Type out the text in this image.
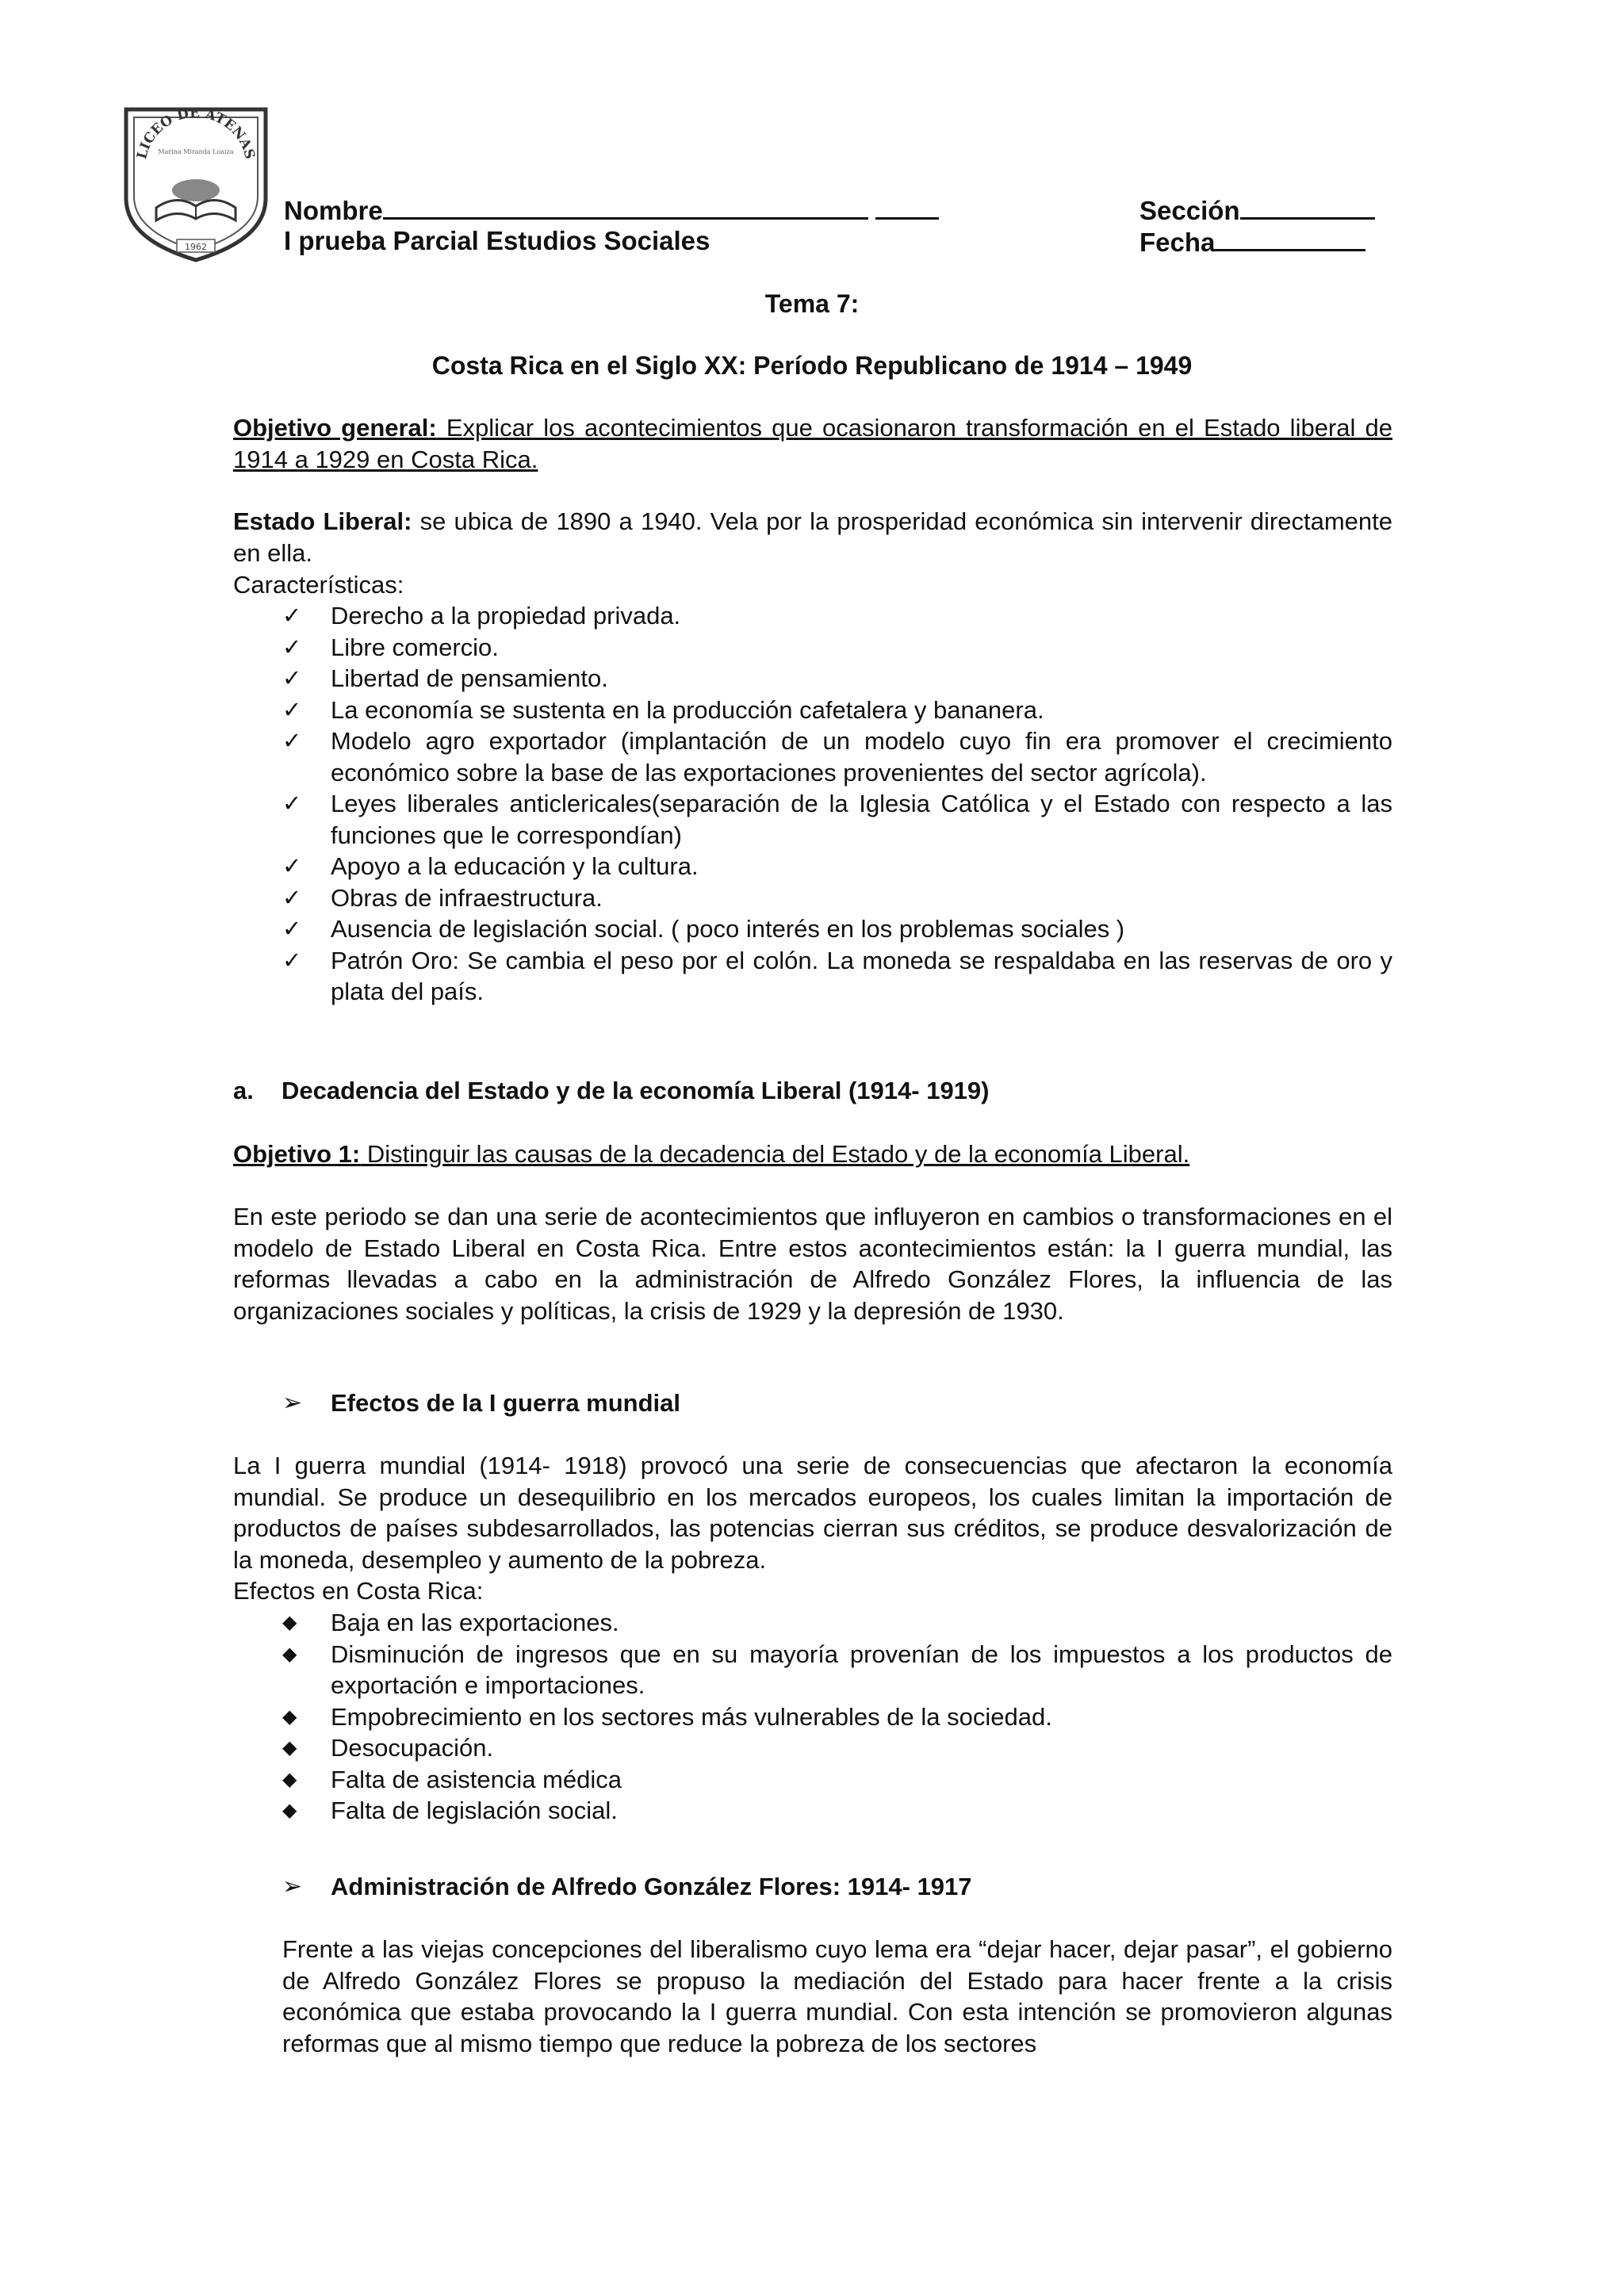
LICEO DE ATENAS
Marina Miranda Loaiza
1962
Nombre	Sección
I prueba Parcial Estudios Sociales	Fecha
Tema 7:
Costa Rica en el Siglo XX: Período Republicano de 1914 – 1949
Objetivo general: Explicar los acontecimientos que ocasionaron transformación en el Estado liberal de 1914 a 1929 en Costa Rica.
Estado Liberal: se ubica de 1890 a 1940. Vela por la prosperidad económica sin intervenir directamente en ella.
Características:
✓	Derecho a la propiedad privada.
✓	Libre comercio.
✓	Libertad de pensamiento.
✓	La economía se sustenta en la producción cafetalera y bananera.
✓	Modelo agro exportador (implantación de un modelo cuyo fin era promover el crecimiento económico sobre la base de las exportaciones provenientes del sector agrícola).
✓	Leyes liberales anticlericales(separación de la Iglesia Católica y el Estado con respecto a las funciones que le correspondían)
✓	Apoyo a la educación y la cultura.
✓	Obras de infraestructura.
✓	Ausencia de legislación social. ( poco interés en los problemas sociales )
✓	Patrón Oro: Se cambia el peso por el colón. La moneda se respaldaba en las reservas de oro y plata del país.
a. Decadencia del Estado y de la economía Liberal (1914- 1919)
Objetivo 1: Distinguir las causas de la decadencia del Estado y de la economía Liberal.
En este periodo se dan una serie de acontecimientos que influyeron en cambios o transformaciones en el modelo de Estado Liberal en Costa Rica. Entre estos acontecimientos están: la I guerra mundial, las reformas llevadas a cabo en la administración de Alfredo González Flores, la influencia de las organizaciones sociales y políticas, la crisis de 1929 y la depresión de 1930.
➢ Efectos de la I guerra mundial
La I guerra mundial (1914- 1918) provocó una serie de consecuencias que afectaron la economía mundial. Se produce un desequilibrio en los mercados europeos, los cuales limitan la importación de productos de países subdesarrollados, las potencias cierran sus créditos, se produce desvalorización de la moneda, desempleo y aumento de la pobreza.
Efectos en Costa Rica:
◆	Baja en las exportaciones.
◆	Disminución de ingresos que en su mayoría provenían de los impuestos a los productos de exportación e importaciones.
◆	Empobrecimiento en los sectores más vulnerables de la sociedad.
◆	Desocupación.
◆	Falta de asistencia médica
◆	Falta de legislación social.
➢ Administración de Alfredo González Flores: 1914- 1917
Frente a las viejas concepciones del liberalismo cuyo lema era “dejar hacer, dejar pasar”, el gobierno de Alfredo González Flores se propuso la mediación del Estado para hacer frente a la crisis económica que estaba provocando la I guerra mundial. Con esta intención se promovieron algunas reformas que al mismo tiempo que reduce la pobreza de los sectores
